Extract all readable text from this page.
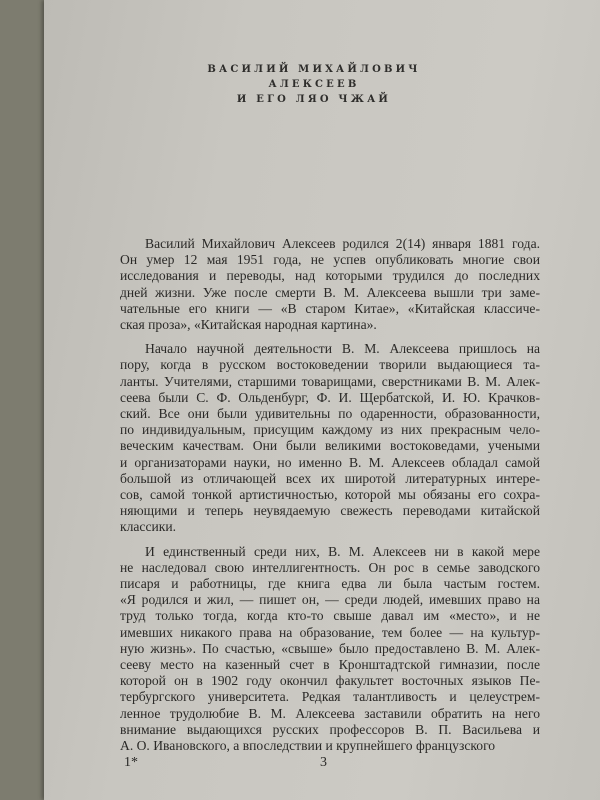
ВАСИЛИЙ МИХАЙЛОВИЧ АЛЕКСЕЕВ
И ЕГО ЛЯО ЧЖАЙ
Василий Михайлович Алексеев родился 2(14) января 1881 года.
Он умер 12 мая 1951 года, не успев опубликовать многие свои
исследования и переводы, над которыми трудился до последних
дней жизни. Уже после смерти В. М. Алексеева вышли три заме-
чательные его книги — «В старом Китае», «Китайская классиче-
ская проза», «Китайская народная картина».
Начало научной деятельности В. М. Алексеева пришлось на
пору, когда в русском востоковедении творили выдающиеся та-
ланты. Учителями, старшими товарищами, сверстниками В. М. Алек-
сеева были С. Ф. Ольденбург, Ф. И. Щербатской, И. Ю. Крачков-
ский. Все они были удивительны по одаренности, образованности,
по индивидуальным, присущим каждому из них прекрасным чело-
веческим качествам. Они были великими востоковедами, учеными
и организаторами науки, но именно В. М. Алексеев обладал самой
большой из отличающей всех их широтой литературных интере-
сов, самой тонкой артистичностью, которой мы обязаны его сохра-
няющими и теперь неувядаемую свежесть переводами китайской
классики.
И единственный среди них, В. М. Алексеев ни в какой мере
не наследовал свою интеллигентность. Он рос в семье заводского
писаря и работницы, где книга едва ли была частым гостем.
«Я родился и жил, — пишет он, — среди людей, имевших право на
труд только тогда, когда кто-то свыше давал им «место», и не
имевших никакого права на образование, тем более — на культур-
ную жизнь». По счастью, «свыше» было предоставлено В. М. Алек-
сееву место на казенный счет в Кронштадтской гимназии, после
которой он в 1902 году окончил факультет восточных языков Пе-
тербургского университета. Редкая талантливость и целеустрем-
ленное трудолюбие В. М. Алексеева заставили обратить на него
внимание выдающихся русских профессоров В. П. Васильева и
А. О. Ивановского, а впоследствии и крупнейшего французского
1*	3
